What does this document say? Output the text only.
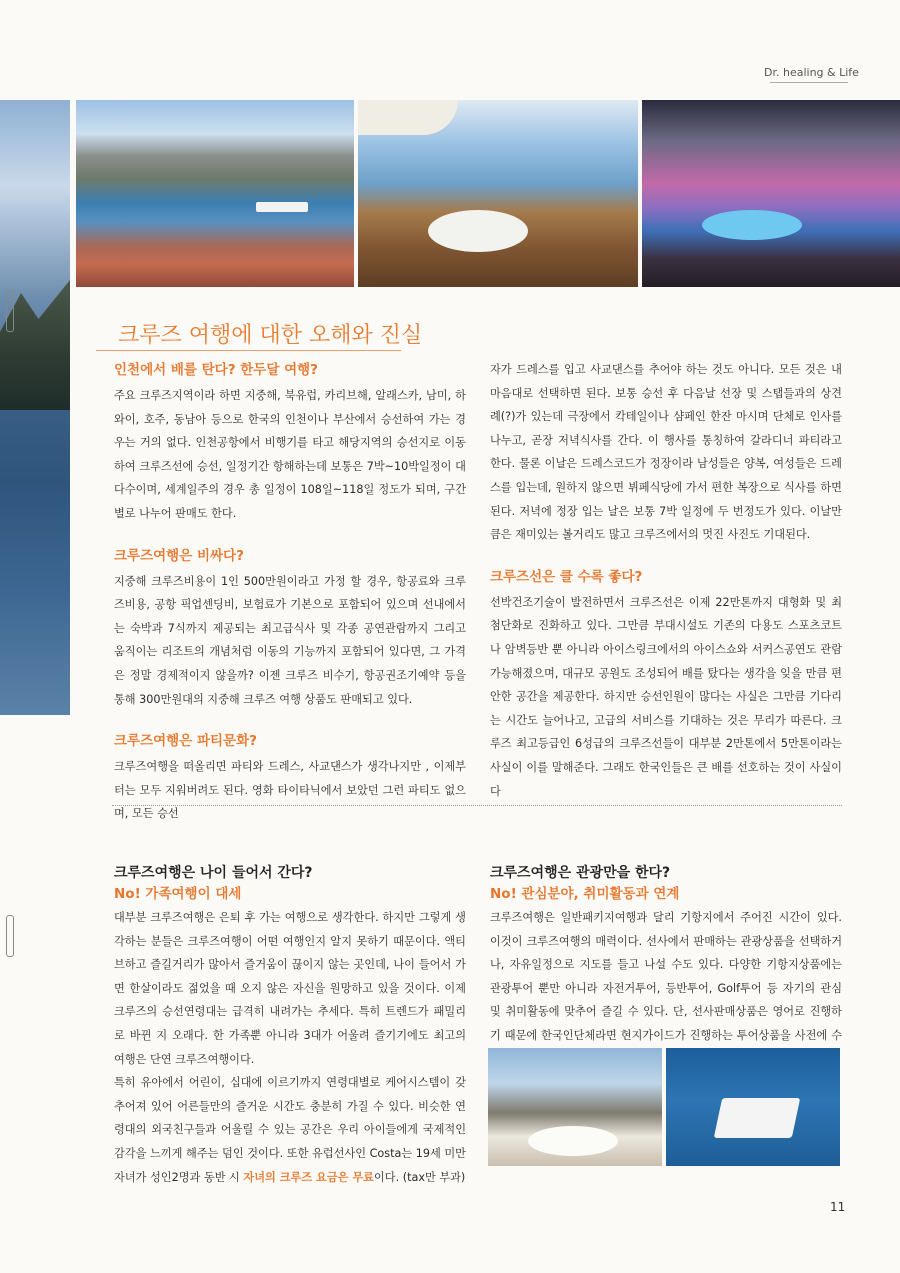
Dr. healing & Life
크루즈 여행에 대한 오해와 진실
인천에서 배를 탄다? 한두달 여행?

주요 크루즈지역이라 하면 지중해, 북유럽, 카리브해, 알래스카, 남미, 하와이, 호주, 동남아 등으로 한국의 인천이나 부산에서 승선하여 가는 경우는 거의 없다. 인천공항에서 비행기를 타고 해당지역의 승선지로 이동하여 크루즈선에 승선, 일정기간 항해하는데 보통은 7박~10박일정이 대다수이며, 세계일주의 경우 총 일정이 108일~118일 정도가 되며, 구간별로 나누어 판매도 한다.

크루즈여행은 비싸다?

지중해 크루즈비용이 1인 500만원이라고 가정 할 경우, 항공료와 크루즈비용, 공항 픽업센딩비, 보험료가 기본으로 포함되어 있으며 선내에서는 숙박과 7식까지 제공되는 최고급식사 및 각종 공연관람까지 그리고 움직이는 리조트의 개념처럼 이동의 기능까지 포함되어 있다면, 그 가격은 정말 경제적이지 않을까? 이젠 크루즈 비수기, 항공권조기예약 등을 통해 300만원대의 지중해 크루즈 여행 상품도 판매되고 있다.

크루즈여행은 파티문화?

크루즈여행을 떠올리면 파티와 드레스, 사교댄스가 생각나지만 , 이제부터는 모두 지워버려도 된다. 영화 타이타닉에서 보았던 그런 파티도 없으며, 모든 승선

자가 드레스를 입고 사교댄스를 추어야 하는 것도 아니다. 모든 것은 내 마음대로 선택하면 된다. 보통 승선 후 다음날 선장 및 스탭들과의 상견례(?)가 있는데 극장에서 칵테일이나 샴페인 한잔 마시며 단체로 인사를 나누고, 곧장 저녁식사를 간다. 이 행사를 통칭하여 갈라디너 파티라고 한다. 물론 이날은 드레스코드가 정장이라 남성들은 양복, 여성들은 드레스를 입는데, 원하지 않으면 뷔페식당에 가서 편한 복장으로 식사를 하면 된다. 저녁에 정장 입는 날은 보통 7박 일정에 두 번정도가 있다. 이날만큼은 재미있는 볼거리도 많고 크루즈에서의 멋진 사진도 기대된다.

크루즈선은 클 수록 좋다?

선박건조기술이 발전하면서 크루즈선은 이제 22만톤까지 대형화 및 최첨단화로 진화하고 있다. 그만큼 부대시설도 기존의 다용도 스포츠코트나 암벽등반 뿐 아니라 아이스링크에서의 아이스쇼와 서커스공연도 관람 가능해졌으며, 대규모 공원도 조성되어 배를 탔다는 생각을 잊을 만큼 편안한 공간을 제공한다. 하지만 승선인원이 많다는 사실은 그만큼 기다리는 시간도 늘어나고, 고급의 서비스를 기대하는 것은 무리가 따른다. 크루즈 최고등급인 6성급의 크루즈선들이 대부분 2만톤에서 5만톤이라는 사실이 이를 말해준다. 그래도 한국인들은 큰 배를 선호하는 것이 사실이다

크루즈여행은 나이 들어서 간다?
No! 가족여행이 대세

대부분 크루즈여행은 은퇴 후 가는 여행으로 생각한다. 하지만 그렇게 생각하는 분들은 크루즈여행이 어떤 여행인지 알지 못하기 때문이다. 액티브하고 즐길거리가 많아서 즐거움이 끊이지 않는 곳인데, 나이 들어서 가면 한살이라도 젊었을 때 오지 않은 자신을 원망하고 있을 것이다. 이제 크루즈의 승선연령대는 급격히 내려가는 추세다. 특히 트렌드가 패밀리로 바뀐 지 오래다. 한 가족뿐 아니라 3대가 어울려 즐기기에도 최고의 여행은 단연 크루즈여행이다.

특히 유아에서 어린이, 십대에 이르기까지 연령대별로 케어시스템이 갖추어져 있어 어른들만의 즐거운 시간도 충분히 가질 수 있다. 비슷한 연령대의 외국친구들과 어울릴 수 있는 공간은 우리 아이들에게 국제적인 감각을 느끼게 해주는 덤인 것이다. 또한 유럽선사인 Costa는 19세 미만 자녀가 성인2명과 동반 시 자녀의 크루즈 요금은 무료이다. (tax만 부과)

크루즈여행은 관광만을 한다?
No! 관심분야, 취미활동과 연계

크루즈여행은 일반패키지여행과 달리 기항지에서 주어진 시간이 있다. 이것이 크루즈여행의 매력이다. 선사에서 판매하는 관광상품을 선택하거나, 자유일정으로 지도를 들고 나설 수도 있다. 다양한 기항지상품에는 관광투어 뿐만 아니라 자전거투어, 등반투어, Golf투어 등 자기의 관심 및 취미활동에 맞추어 즐길 수 있다. 단, 선사판매상품은 영어로 진행하기 때문에 한국인단체라면 현지가이드가 진행하는 투어상품을 사전에 수

11
